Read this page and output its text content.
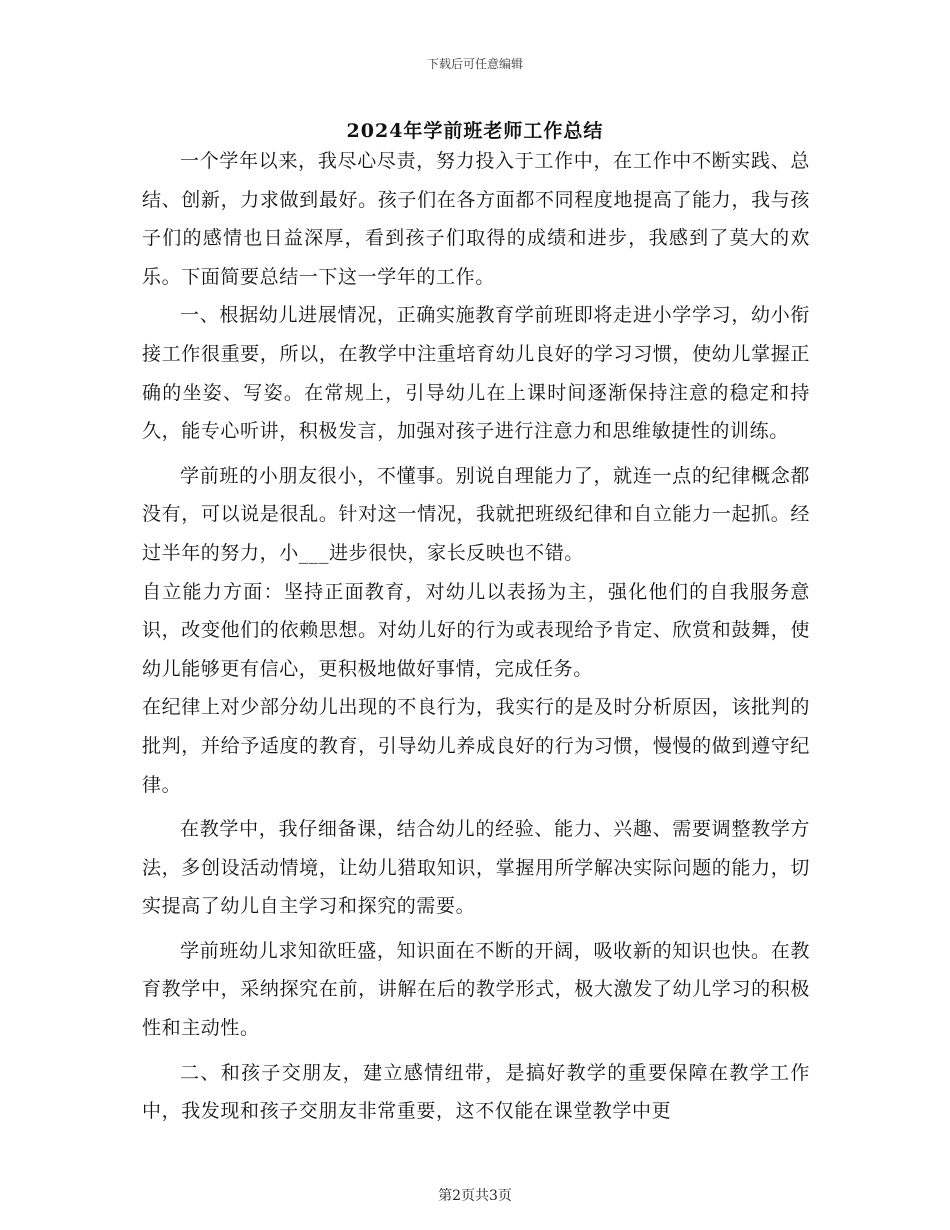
下载后可任意编辑
2024年学前班老师工作总结

一个学年以来，我尽心尽责，努力投入于工作中，在工作中不断实践、总结、创新，力求做到最好。孩子们在各方面都不同程度地提高了能力，我与孩子们的感情也日益深厚，看到孩子们取得的成绩和进步，我感到了莫大的欢乐。下面简要总结一下这一学年的工作。

一、根据幼儿进展情况，正确实施教育学前班即将走进小学学习，幼小衔接工作很重要，所以，在教学中注重培育幼儿良好的学习习惯，使幼儿掌握正确的坐姿、写姿。在常规上，引导幼儿在上课时间逐渐保持注意的稳定和持久，能专心听讲，积极发言，加强对孩子进行注意力和思维敏捷性的训练。

学前班的小朋友很小，不懂事。别说自理能力了，就连一点的纪律概念都没有，可以说是很乱。针对这一情况，我就把班级纪律和自立能力一起抓。经过半年的努力，小___进步很快，家长反映也不错。

自立能力方面：坚持正面教育，对幼儿以表扬为主，强化他们的自我服务意识，改变他们的依赖思想。对幼儿好的行为或表现给予肯定、欣赏和鼓舞，使幼儿能够更有信心，更积极地做好事情，完成任务。

在纪律上对少部分幼儿出现的不良行为，我实行的是及时分析原因，该批判的批判，并给予适度的教育，引导幼儿养成良好的行为习惯，慢慢的做到遵守纪律。

在教学中，我仔细备课，结合幼儿的经验、能力、兴趣、需要调整教学方法，多创设活动情境，让幼儿猎取知识，掌握用所学解决实际问题的能力，切实提高了幼儿自主学习和探究的需要。

学前班幼儿求知欲旺盛，知识面在不断的开阔，吸收新的知识也快。在教育教学中，采纳探究在前，讲解在后的教学形式，极大激发了幼儿学习的积极性和主动性。

二、和孩子交朋友，建立感情纽带，是搞好教学的重要保障在教学工作中，我发现和孩子交朋友非常重要，这不仅能在课堂教学中更

第2页共3页
